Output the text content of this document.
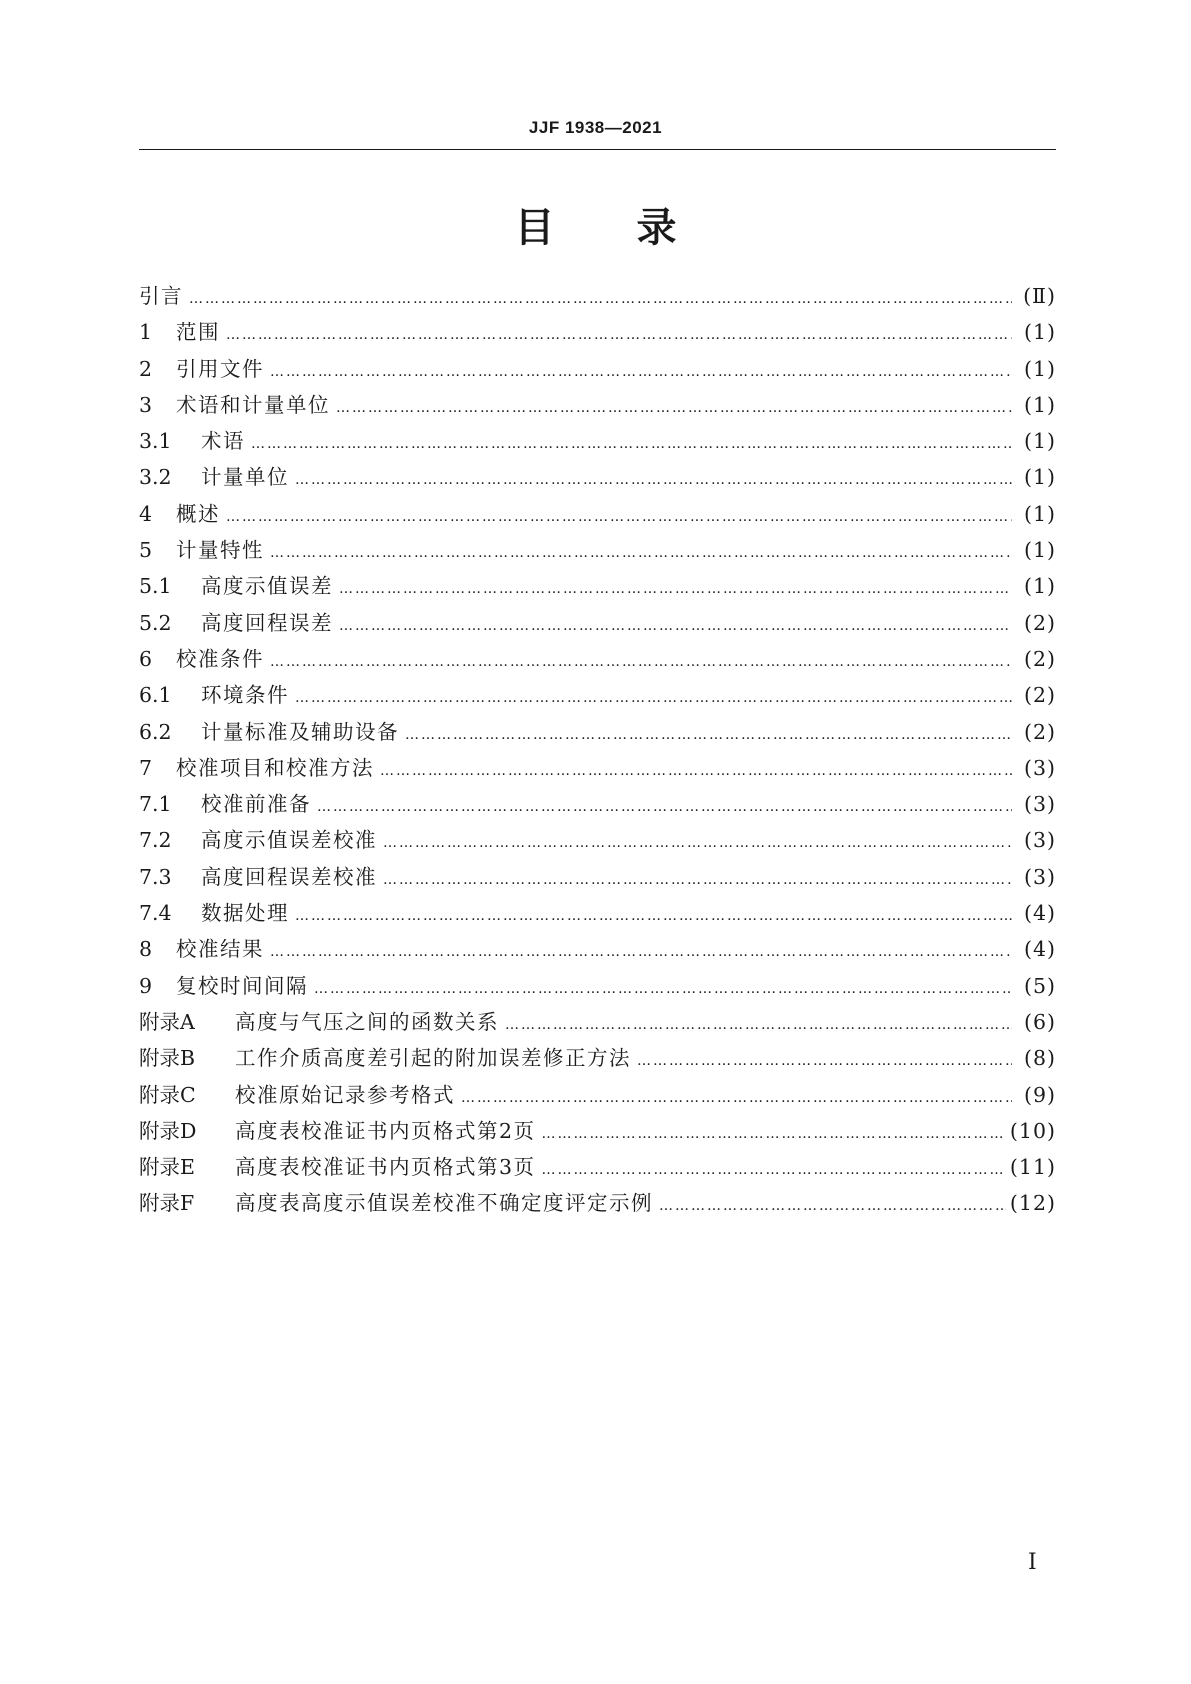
JJF 1938—2021
目 录
引言 …………………………………………………………………………………………………………………………………………………………………………………………………………………………………	(Ⅱ)
1	范围 …………………………………………………………………………………………………………………………………………………………………………………………………………………………………	(1)
2	引用文件 …………………………………………………………………………………………………………………………………………………………………………………………………………………………………	(1)
3	术语和计量单位 …………………………………………………………………………………………………………………………………………………………………………………………………………………………………	(1)
3.1	术语 …………………………………………………………………………………………………………………………………………………………………………………………………………………………………	(1)
3.2	计量单位 …………………………………………………………………………………………………………………………………………………………………………………………………………………………………	(1)
4	概述 …………………………………………………………………………………………………………………………………………………………………………………………………………………………………	(1)
5	计量特性 …………………………………………………………………………………………………………………………………………………………………………………………………………………………………	(1)
5.1	高度示值误差 …………………………………………………………………………………………………………………………………………………………………………………………………………………………………	(1)
5.2	高度回程误差 …………………………………………………………………………………………………………………………………………………………………………………………………………………………………	(2)
6	校准条件 …………………………………………………………………………………………………………………………………………………………………………………………………………………………………	(2)
6.1	环境条件 …………………………………………………………………………………………………………………………………………………………………………………………………………………………………	(2)
6.2	计量标准及辅助设备 …………………………………………………………………………………………………………………………………………………………………………………………………………………………………	(2)
7	校准项目和校准方法 …………………………………………………………………………………………………………………………………………………………………………………………………………………………………	(3)
7.1	校准前准备 …………………………………………………………………………………………………………………………………………………………………………………………………………………………………	(3)
7.2	高度示值误差校准 …………………………………………………………………………………………………………………………………………………………………………………………………………………………………	(3)
7.3	高度回程误差校准 …………………………………………………………………………………………………………………………………………………………………………………………………………………………………	(3)
7.4	数据处理 …………………………………………………………………………………………………………………………………………………………………………………………………………………………………	(4)
8	校准结果 …………………………………………………………………………………………………………………………………………………………………………………………………………………………………	(4)
9	复校时间间隔 …………………………………………………………………………………………………………………………………………………………………………………………………………………………………	(5)
附录A	高度与气压之间的函数关系 …………………………………………………………………………………………………………………………………………………………………………………………………………………………………	(6)
附录B	工作介质高度差引起的附加误差修正方法 …………………………………………………………………………………………………………………………………………………………………………………………………………………………………	(8)
附录C	校准原始记录参考格式 …………………………………………………………………………………………………………………………………………………………………………………………………………………………………	(9)
附录D	高度表校准证书内页格式第2页 …………………………………………………………………………………………………………………………………………………………………………………………………………………………………	(10)
附录E	高度表校准证书内页格式第3页 …………………………………………………………………………………………………………………………………………………………………………………………………………………………………	(11)
附录F	高度表高度示值误差校准不确定度评定示例 …………………………………………………………………………………………………………………………………………………………………………………………………………………………………	(12)
Ⅰ
